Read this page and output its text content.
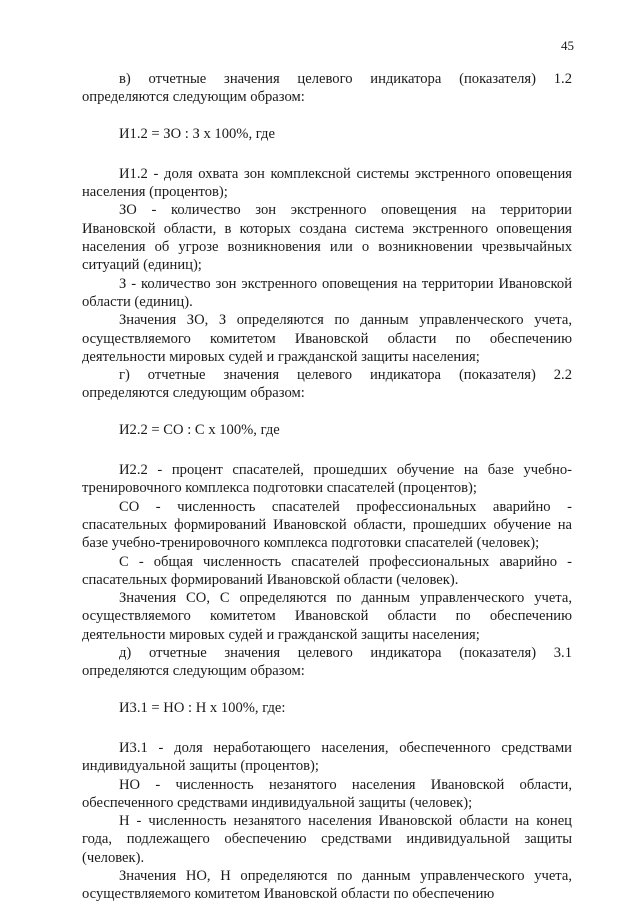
45

в) отчетные значения целевого индикатора (показателя) 1.2 определяются следующим образом:

И1.2 = ЗО : З х 100%, где

И1.2 - доля охвата зон комплексной системы экстренного оповещения населения (процентов);

ЗО - количество зон экстренного оповещения на территории Ивановской области, в которых создана система экстренного оповещения населения об угрозе возникновения или о возникновении чрезвычайных ситуаций (единиц);

З - количество зон экстренного оповещения на территории Ивановской области (единиц).

Значения ЗО, З определяются по данным управленческого учета, осуществляемого комитетом Ивановской области по обеспечению деятельности мировых судей и гражданской защиты населения;

г) отчетные значения целевого индикатора (показателя) 2.2 определяются следующим образом:

И2.2 = СО : С х 100%, где

И2.2 - процент спасателей, прошедших обучение на базе учебно-тренировочного комплекса подготовки спасателей (процентов);

СО - численность спасателей профессиональных аварийно - спасательных формирований Ивановской области, прошедших обучение на базе учебно-тренировочного комплекса подготовки спасателей (человек);

С - общая численность спасателей профессиональных аварийно - спасательных формирований Ивановской области (человек).

Значения СО, С определяются по данным управленческого учета, осуществляемого комитетом Ивановской области по обеспечению деятельности мировых судей и гражданской защиты населения;

д) отчетные значения целевого индикатора (показателя) 3.1 определяются следующим образом:

И3.1 = НО : Н х 100%, где:

И3.1 - доля неработающего населения, обеспеченного средствами индивидуальной защиты (процентов);

НО - численность незанятого населения Ивановской области, обеспеченного средствами индивидуальной защиты (человек);

Н - численность незанятого населения Ивановской области на конец года, подлежащего обеспечению средствами индивидуальной защиты (человек).

Значения НО, Н определяются по данным управленческого учета, осуществляемого комитетом Ивановской области по обеспечению
